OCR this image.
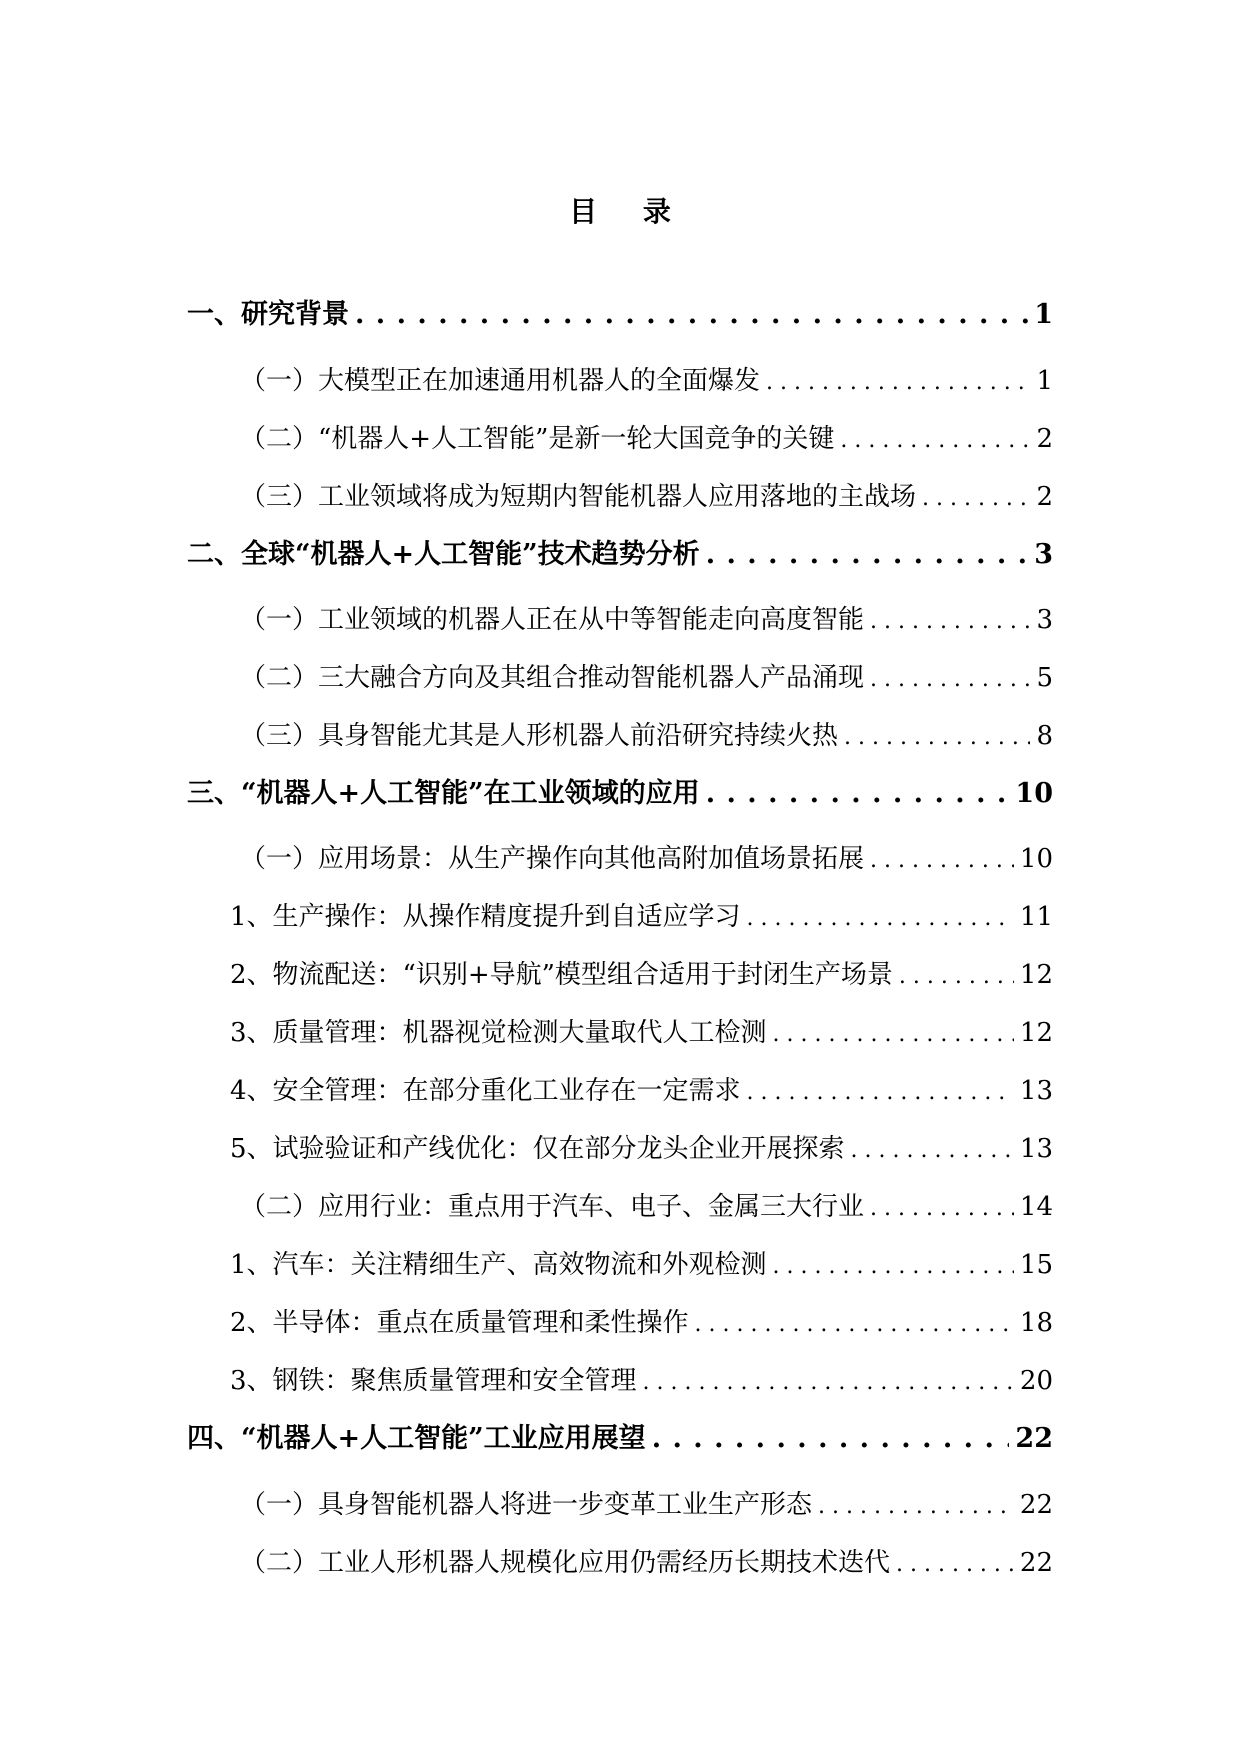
目 录
一、研究背景 . . .	1
（一）大模型正在加速通用机器人的全面爆发 . . .	1
（二）“机器人+人工智能”是新一轮大国竞争的关键 . . .	2
（三）工业领域将成为短期内智能机器人应用落地的主战场 . . .	2
二、全球“机器人+人工智能”技术趋势分析 . . .	3
（一）工业领域的机器人正在从中等智能走向高度智能 . . .	3
（二）三大融合方向及其组合推动智能机器人产品涌现 . . .	5
（三）具身智能尤其是人形机器人前沿研究持续火热 . . .	8
三、“机器人+人工智能”在工业领域的应用 . . .	10
（一）应用场景：从生产操作向其他高附加值场景拓展 . . .	10
1、生产操作：从操作精度提升到自适应学习 . . .	11
2、物流配送：“识别+导航”模型组合适用于封闭生产场景 . . .	12
3、质量管理：机器视觉检测大量取代人工检测 . . .	12
4、安全管理：在部分重化工业存在一定需求 . . .	13
5、试验验证和产线优化：仅在部分龙头企业开展探索 . . .	13
（二）应用行业：重点用于汽车、电子、金属三大行业 . . .	14
1、汽车：关注精细生产、高效物流和外观检测 . . .	15
2、半导体：重点在质量管理和柔性操作 . . .	18
3、钢铁：聚焦质量管理和安全管理 . . .	20
四、“机器人+人工智能”工业应用展望 . . .	22
（一）具身智能机器人将进一步变革工业生产形态 . . .	22
（二）工业人形机器人规模化应用仍需经历长期技术迭代 . . .	22
